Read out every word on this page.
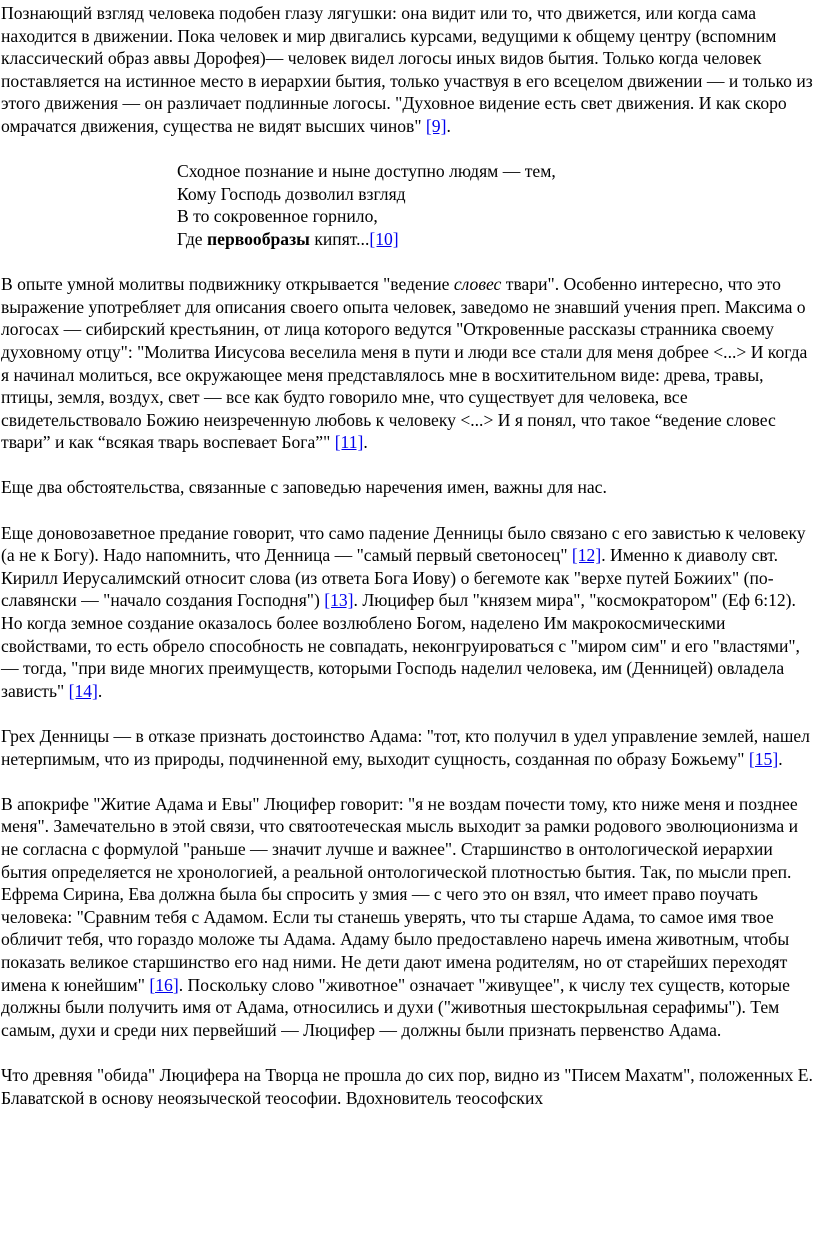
Познающий взгляд человека подобен глазу лягушки: она видит или то, что движется, или когда сама находится в движении. Пока человек и мир двигались курсами, ведущими к общему центру (вспомним классический образ аввы Дорофея)— человек видел логосы иных видов бытия. Только когда человек поставляется на истинное место в иерархии бытия, только участвуя в его всецелом движении — и только из этого движения — он различает подлинные логосы. "Духовное видение есть свет движения. И как скоро омрачатся движения, существа не видят высших чинов" [9].

Сходное познание и ныне доступно людям — тем,
Кому Господь дозволил взгляд
В то сокровенное горнило,
Где первообразы кипят...[10]

В опыте умной молитвы подвижнику открывается "ведение словес твари". Особенно интересно, что это выражение употребляет для описания своего опыта человек, заведомо не знавший учения преп. Максима о логосах — сибирский крестьянин, от лица которого ведутся "Откровенные рассказы странника своему духовному отцу": "Молитва Иисусова веселила меня в пути и люди все стали для меня добрее <...> И когда я начинал молиться, все окружающее меня представлялось мне в восхитительном виде: древа, травы, птицы, земля, воздух, свет — все как будто говорило мне, что существует для человека, все свидетельствовало Божию неизреченную любовь к человеку <...> И я понял, что такое “ведение словес твари” и как “всякая тварь воспевает Бога”" [11].

Еще два обстоятельства, связанные с заповедью наречения имен, важны для нас.

Еще доновозаветное предание говорит, что само падение Денницы было связано с его завистью к человеку (а не к Богу). Надо напомнить, что Денница — "самый первый светоносец" [12]. Именно к диаволу свт. Кирилл Иерусалимский относит слова (из ответа Бога Иову) о бегемоте как "верхе путей Божиих" (по-славянски — "начало создания Господня") [13]. Люцифер был "князем мира", "космократором" (Еф 6:12). Но когда земное создание оказалось более возлюблено Богом, наделено Им макрокосмическими свойствами, то есть обрело способность не совпадать, неконгруироваться с "миром сим" и его "властями", — тогда, "при виде многих преимуществ, которыми Господь наделил человека, им (Денницей) овладела зависть" [14].

Грех Денницы — в отказе признать достоинство Адама: "тот, кто получил в удел управление землей, нашел нетерпимым, что из природы, подчиненной ему, выходит сущность, созданная по образу Божьему" [15].

В апокрифе "Житие Адама и Евы" Люцифер говорит: "я не воздам почести тому, кто ниже меня и позднее меня". Замечательно в этой связи, что святоотеческая мысль выходит за рамки родового эволюционизма и не согласна с формулой "раньше — значит лучше и важнее". Старшинство в онтологической иерархии бытия определяется не хронологией, а реальной онтологической плотностью бытия. Так, по мысли преп. Ефрема Сирина, Ева должна была бы спросить у змия — с чего это он взял, что имеет право поучать человека: "Сравним тебя с Адамом. Если ты станешь уверять, что ты старше Адама, то самое имя твое обличит тебя, что гораздо моложе ты Адама. Адаму было предоставлено наречь имена животным, чтобы показать великое старшинство его над ними. Не дети дают имена родителям, но от старейших переходят имена к юнейшим" [16]. Поскольку слово "животное" означает "живущее", к числу тех существ, которые должны были получить имя от Адама, относились и духи ("животныя шестокрыльная серафимы"). Тем самым, духи и среди них первейший — Люцифер — должны были признать первенство Адама.

Что древняя "обида" Люцифера на Творца не прошла до сих пор, видно из "Писем Махатм", положенных Е. Блаватской в основу неоязыческой теософии. Вдохновитель теософских
